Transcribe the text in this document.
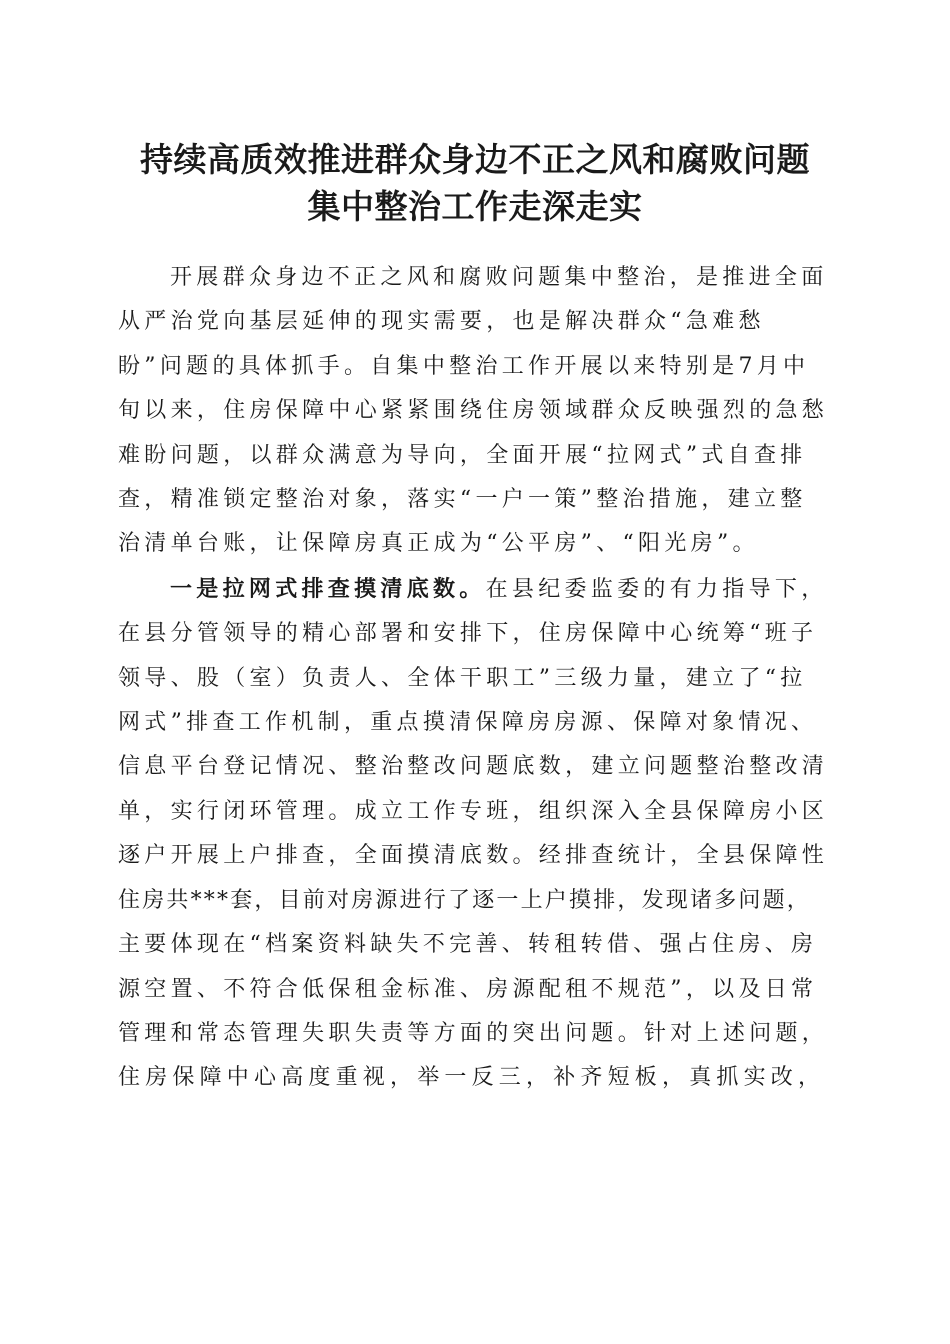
持续高质效推进群众身边不正之风和腐败问题
集中整治工作走深走实
开展群众身边不正之风和腐败问题集中整治，是推进全面
从严治党向基层延伸的现实需要，也是解决群众“急难愁
盼”问题的具体抓手。自集中整治工作开展以来特别是7月中
旬以来，住房保障中心紧紧围绕住房领域群众反映强烈的急愁
难盼问题，以群众满意为导向，全面开展“拉网式”式自查排
查，精准锁定整治对象，落实“一户一策”整治措施，建立整
治清单台账，让保障房真正成为“公平房”、“阳光房”。
一是拉网式排查摸清底数。在县纪委监委的有力指导下，
在县分管领导的精心部署和安排下，住房保障中心统筹“班子
领导、股（室）负责人、全体干职工”三级力量，建立了“拉
网式”排查工作机制，重点摸清保障房房源、保障对象情况、
信息平台登记情况、整治整改问题底数，建立问题整治整改清
单，实行闭环管理。成立工作专班，组织深入全县保障房小区
逐户开展上户排查，全面摸清底数。经排查统计，全县保障性
住房共***套，目前对房源进行了逐一上户摸排，发现诸多问题，
主要体现在“档案资料缺失不完善、转租转借、强占住房、房
源空置、不符合低保租金标准、房源配租不规范”，以及日常
管理和常态管理失职失责等方面的突出问题。针对上述问题，
住房保障中心高度重视，举一反三，补齐短板，真抓实改，
